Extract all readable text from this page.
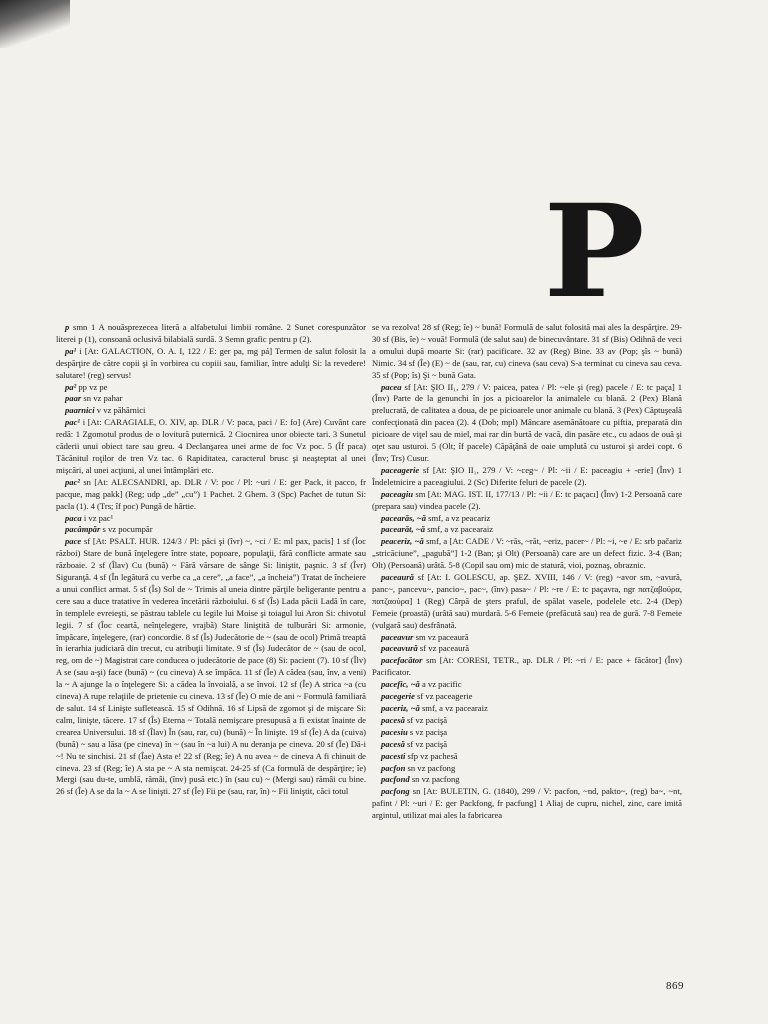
P

p smn 1 A nouăsprezecea literă a alfabetului limbii române. 2 Sunet corespunzător literei p (1), consoană oclusivă bilabială surdă. 3 Semn grafic pentru p (2).

pa¹ i [At: GALACTION, O. A. I, 122 / E: ger pa, mg pá] Termen de salut folosit la despărţire de către copii şi în vorbirea cu copiii sau, familiar, între adulţi Si: la revedere! salutare! (reg) servus!

pa² pp vz pe

paar sn vz pahar

paarnici v vz păhărnici

pac¹ i [At: CARAGIALE, O. XIV, ap. DLR / V: paca, paci / E: fo] (Are) Cuvânt care redă: 1 Zgomotul produs de o lovitură puternică. 2 Ciocnirea unor obiecte tari. 3 Sunetul căderii unui obiect tare sau greu. 4 Declanşarea unei arme de foc Vz poc. 5 (Îf paca) Tăcănitul roţilor de tren Vz tac. 6 Rapiditatea, caracterul brusc şi neaşteptat al unei mişcări, al unei acţiuni, al unei întâmplări etc.

pac² sn [At: ALECSANDRI, ap. DLR / V: poc / Pl: ~uri / E: ger Pack, it pacco, fr pacque, mag pakk] (Reg; udp „de” „cu”) 1 Pachet. 2 Ghem. 3 (Spc) Pachet de tutun Si: pacla (1). 4 (Trs; îf poc) Pungă de hârtie.

paca i vz pac¹

pacâmpăr s vz pocumpăr

pace sf [At: PSALT. HUR. 124/3 / Pl: păci şi (îvr) ~, ~ci / E: ml pax, pacis] 1 sf (Îoc război) Stare de bună înţelegere între state, popoare, populaţii, fără conflicte armate sau războaie. 2 sf (Îlav) Cu (bună) ~ Fără vărsare de sânge Si: liniştit, paşnic. 3 sf (Îvr) Siguranţă. 4 sf (În legătură cu verbe ca „a cere”, „a face”, „a încheia”) Tratat de încheiere a unui conflict armat. 5 sf (Îs) Sol de ~ Trimis al uneia dintre părţile beligerante pentru a cere sau a duce tratative în vederea încetării războiului. 6 sf (Îs) Lada păcii Ladă în care, în templele evreieşti, se păstrau tablele cu legile lui Moise şi toiagul lui Aron Si: chivotul legii. 7 sf (Îoc ceartă, neînţelegere, vrajbă) Stare liniştită de tulburări Si: armonie, împăcare, înţelegere, (rar) concordie. 8 sf (Îs) Judecătorie de ~ (sau de ocol) Primă treaptă în ierarhia judiciară din trecut, cu atribuţii limitate. 9 sf (Îs) Judecător de ~ (sau de ocol, reg, om de ~) Magistrat care conducea o judecătorie de pace (8) Si: pacient (7). 10 sf (Îlv) A se (sau a-şi) face (bună) ~ (cu cineva) A se împăca. 11 sf (Îe) A cădea (sau, înv, a veni) la ~ A ajunge la o înţelegere Si: a cădea la învoială, a se învoi. 12 sf (Îe) A strica ~a (cu cineva) A rupe relaţiile de prietenie cu cineva. 13 sf (Îe) O mie de ani ~ Formulă familiară de salut. 14 sf Linişte sufletească. 15 sf Odihnă. 16 sf Lipsă de zgomot şi de mişcare Si: calm, linişte, tăcere. 17 sf (Îs) Eterna ~ Totală nemişcare presupusă a fi existat înainte de crearea Universului. 18 sf (Îlav) În (sau, rar, cu) (bună) ~ În linişte. 19 sf (Îe) A da (cuiva) (bună) ~ sau a lăsa (pe cineva) în ~ (sau în ~a lui) A nu deranja pe cineva. 20 sf (Îe) Dă-i ~! Nu te sinchisi. 21 sf (Îae) Asta e! 22 sf (Reg; îe) A nu avea ~ de cineva A fi chinuit de cineva. 23 sf (Reg; îe) A sta pe ~ A sta nemişcat. 24-25 sf (Ca formulă de despărţire; îe) Mergi (sau du-te, umblă, rămâi, (înv) pusă etc.) în (sau cu) ~ (Mergi sau) rămâi cu bine. 26 sf (Îe) A se da la ~ A se linişti. 27 sf (Îe) Fii pe (sau, rar, în) ~ Fii liniştit, căci totul

se va rezolva! 28 sf (Reg; îe) ~ bună! Formulă de salut folosită mai ales la despărţire. 29-30 sf (Bis, îe) ~ vouă! Formulă (de salut sau) de binecuvântare. 31 sf (Bis) Odihnă de veci a omului după moarte Si: (rar) pacificare. 32 av (Reg) Bine. 33 av (Pop; şîs ~ bună) Nimic. 34 sf (Îe) (E) ~ de (sau, rar, cu) cineva (sau ceva) S-a terminat cu cineva sau ceva. 35 sf (Pop; îs) Şi ~ bună Gata.

pacea sf [At: ŞIO II₁, 279 / V: paicea, patea / Pl: ~ele şi (reg) pacele / E: tc paça] 1 (Înv) Parte de la genunchi în jos a picioarelor la animalele cu blană. 2 (Pex) Blană prelucrată, de calitatea a doua, de pe picioarele unor animale cu blană. 3 (Pex) Căptuşeală confecţionată din pacea (2). 4 (Dob; mpl) Mâncare asemănătoare cu piftia, preparată din picioare de viţel sau de miel, mai rar din burtă de vacă, din pasăre etc., cu adaos de ouă şi oţet sau usturoi. 5 (Olt; îf pacele) Căpăţână de oaie umplută cu usturoi şi ardei copt. 6 (Înv; Trs) Cusur.

paceagerie sf [At: ŞIO II₁, 279 / V: ~ceg~ / Pl: ~ii / E: paceagiu + -erie] (Înv) 1 Îndeletnicire a paceagiului. 2 (Sc) Diferite feluri de pacele (2).

paceagiu sm [At: MAG. IST. II, 177/13 / Pl: ~ii / E: tc paçacı] (Înv) 1-2 Persoană care (prepara sau) vindea pacele (2).

pacearăs, ~ă smf, a vz peacariz

pacearăt, ~ă smf, a vz pacearaiz

peaceriz, ~ă smf, a [At: CADE / V: ~răs, ~răt, ~eriz, pacer~ / Pl: ~i, ~e / E: srb pačariz „stricăciune”, „pagubă”] 1-2 (Ban; şi Olt) (Persoană) care are un defect fizic. 3-4 (Ban; Olt) (Persoană) urâtă. 5-8 (Copil sau om) mic de statură, vioi, poznaş, obraznic.

paceaură sf [At: I. GOLESCU, ap. ŞEZ. XVIII, 146 / V: (reg) ~avor sm, ~avură, panc~, pancevu~, pancio~, pac~, (înv) pasa~ / Pl: ~re / E: tc paçavra, ngr πατζαβούρα, πατζαούρα] 1 (Reg) Cârpă de şters praful, de spălat vasele, podelele etc. 2-4 (Dep) Femeie (proastă) (urâtă sau) murdară. 5-6 Femeie (prefăcută sau) rea de gură. 7-8 Femeie (vulgară sau) desfrânată.

paceavur sm vz paceaură

paceavură sf vz paceaură

pacefacător sm [At: CORESI, TETR., ap. DLR / Pl: ~ri / E: pace + făcător] (Înv) Pacificator.

pacefic, ~ă a vz pacific

pacegerie sf vz paceagerie

paceriz, ~ă smf, a vz pacearaiz

pacesă sf vz pacişă

pacesiu s vz pacişa

pacesă sf vz pacişă

pacesti sfp vz pachesă

pacfon sn vz pacfong

pacfond sn vz pacfong

pacfong sn [At: BULETIN, G. (1840), 299 / V: pacfon, ~nd, pakto~, (reg) ba~, ~nt, pafint / Pl: ~uri / E: ger Packfong, fr pacfung] 1 Aliaj de cupru, nichel, zinc, care imită argintul, utilizat mai ales la fabricarea

869
